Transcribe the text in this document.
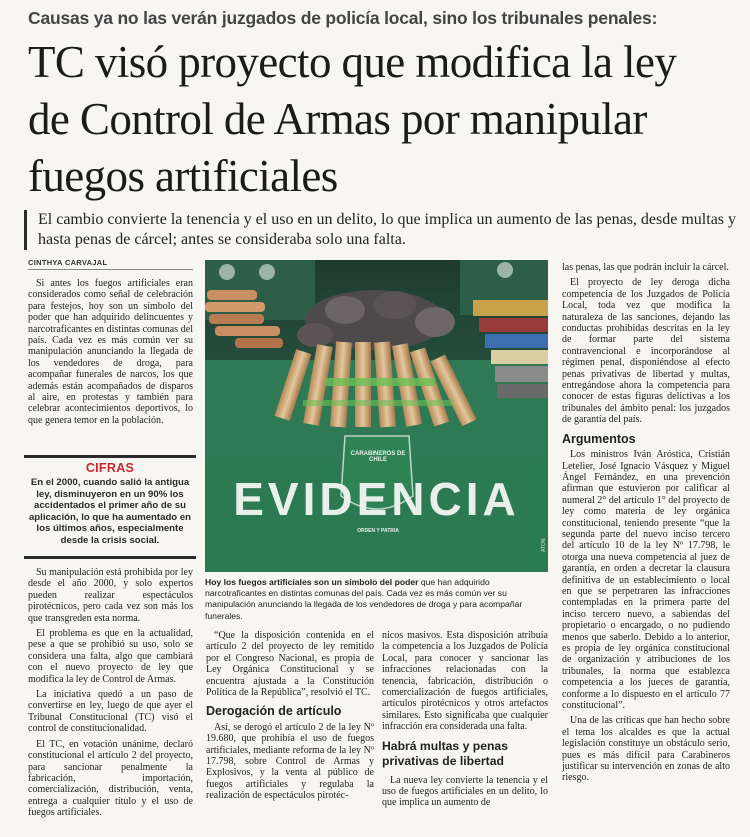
Causas ya no las verán juzgados de policía local, sino los tribunales penales:
TC visó proyecto que modifica la ley de Control de Armas por manipular fuegos artificiales
El cambio convierte la tenencia y el uso en un delito, lo que implica un aumento de las penas, desde multas y hasta penas de cárcel; antes se consideraba solo una falta.
CINTHYA CARVAJAL

Si antes los fuegos artificiales eran considerados como señal de celebración para festejos, hoy son un símbolo del poder que han adquirido delincuentes y narcotraficantes en distintas comunas del país. Cada vez es más común ver su manipulación anunciando la llegada de los vendedores de droga, para acompañar funerales de narcos, los que además están acompañados de disparos al aire, en protestas y también para celebrar acontecimientos deportivos, lo que genera temor en la población.

CIFRAS
En el 2000, cuando salió la antigua ley, disminuyeron en un 90% los accidentados el primer año de su aplicación, lo que ha aumentado en los últimos años, especialmente desde la crisis social.

Su manipulación está prohibida por ley desde el año 2000, y solo expertos pueden realizar espectáculos pirotécnicos, pero cada vez son más los que transgreden esta norma.

El problema es que en la actualidad, pese a que se prohibió su uso, solo se considera una falta, algo que cambiará con el nuevo proyecto de ley que modifica la ley de Control de Armas.

La iniciativa quedó a un paso de convertirse en ley, luego de que ayer el Tribunal Constitucional (TC) visó el control de constitucionalidad.

El TC, en votación unánime, declaró constitucional el artículo 2 del proyecto, para sancionar penalmente la fabricación, importación, comercialización, distribución, venta, entrega a cualquier título y el uso de fuegos artificiales.

CARABINEROS DE CHILE
EVIDENCIA
ORDEN Y PATRIA
ATON
Hoy los fuegos artificiales son un símbolo del poder que han adquirido narcotraficantes en distintas comunas del país. Cada vez es más común ver su manipulación anunciando la llegada de los vendedores de droga y para acompañar funerales.

“Que la disposición contenida en el artículo 2 del proyecto de ley remitido por el Congreso Nacional, es propia de Ley Orgánica Constitucional y se encuentra ajustada a la Constitución Política de la República”, resolvió el TC.

Derogación de artículo

Así, se derogó el artículo 2 de la ley Nº 19.680, que prohibía el uso de fuegos artificiales, mediante reforma de la ley Nº 17.798, sobre Control de Armas y Explosivos, y la venta al público de fuegos artificiales y regulaba la realización de espectáculos pirotéc-

nicos masivos. Esta disposición atribuía la competencia a los Juzgados de Policía Local, para conocer y sancionar las infracciones relacionadas con la tenencia, fabricación, distribución o comercialización de fuegos artificiales, artículos pirotécnicos y otros artefactos similares. Esto significaba que cualquier infracción era considerada una falta.

Habrá multas y penas privativas de libertad

La nueva ley convierte la tenencia y el uso de fuegos artificiales en un delito, lo que implica un aumento de

las penas, las que podrán incluir la cárcel.

El proyecto de ley deroga dicha competencia de los Juzgados de Policía Local, toda vez que modifica la naturaleza de las sanciones, dejando las conductas prohibidas descritas en la ley de formar parte del sistema contravencional e incorporándose al régimen penal, disponiéndose al efecto penas privativas de libertad y multas, entregándose ahora la competencia para conocer de estas figuras delictivas a los tribunales del ámbito penal: los juzgados de garantía del país.

Argumentos

Los ministros Iván Aróstica, Cristián Letelier, José Ignacio Vásquez y Miguel Ángel Fernández, en una prevención afirman que estuvieron por calificar al numeral 2° del artículo 1° del proyecto de ley como materia de ley orgánica constitucional, teniendo presente “que la segunda parte del nuevo inciso tercero del artículo 10 de la ley Nº 17.798, le otorga una nueva competencia al juez de garantía, en orden a decretar la clausura definitiva de un establecimiento o local en que se perpetraren las infracciones contempladas en la primera parte del inciso tercero nuevo, a sabiendas del propietario o encargado, o no pudiendo menos que saberlo. Debido a lo anterior, es propia de ley orgánica constitucional de organización y atribuciones de los tribunales, la norma que establezca competencia a los jueces de garantía, conforme a lo dispuesto en el artículo 77 constitucional”.

Una de las críticas que han hecho sobre el tema los alcaldes es que la actual legislación constituye un obstáculo serio, pues es más difícil para Carabineros justificar su intervención en zonas de alto riesgo.
